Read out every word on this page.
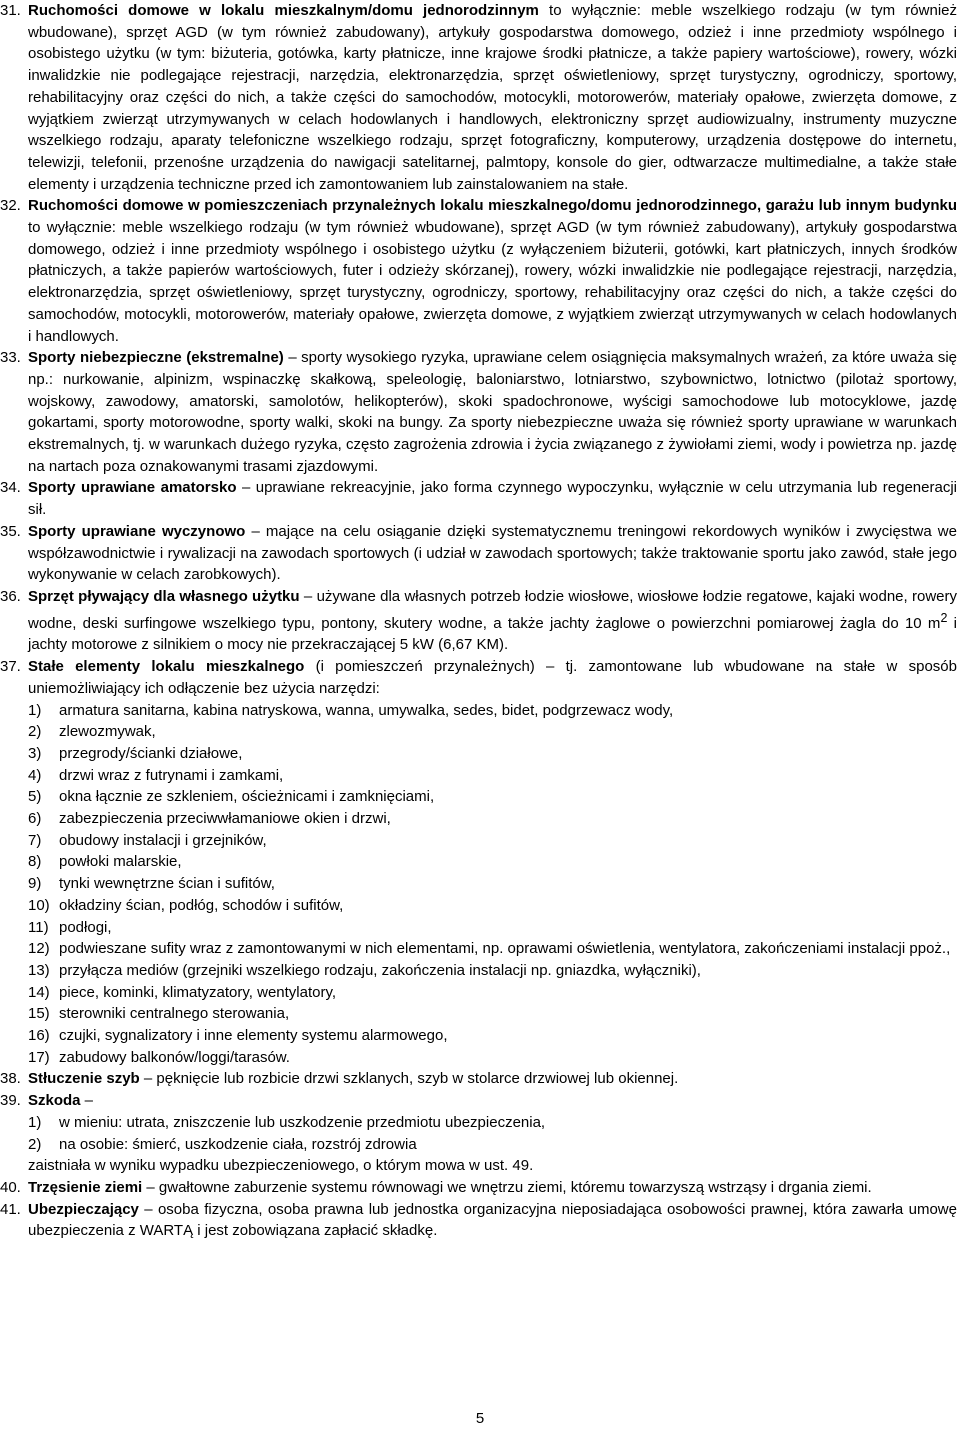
31. Ruchomości domowe w lokalu mieszkalnym/domu jednorodzinnym to wyłącznie: meble wszelkiego rodzaju (w tym również wbudowane), sprzęt AGD (w tym również zabudowany), artykuły gospodarstwa domowego, odzież i inne przedmioty wspólnego i osobistego użytku (w tym: biżuteria, gotówka, karty płatnicze, inne krajowe środki płatnicze, a także papiery wartościowe), rowery, wózki inwalidzkie nie podlegające rejestracji, narzędzia, elektronarzędzia, sprzęt oświetleniowy, sprzęt turystyczny, ogrodniczy, sportowy, rehabilitacyjny oraz części do nich, a także części do samochodów, motocykli, motorowerów, materiały opałowe, zwierzęta domowe, z wyjątkiem zwierząt utrzymywanych w celach hodowlanych i handlowych, elektroniczny sprzęt audiowizualny, instrumenty muzyczne wszelkiego rodzaju, aparaty telefoniczne wszelkiego rodzaju, sprzęt fotograficzny, komputerowy, urządzenia dostępowe do internetu, telewizji, telefonii, przenośne urządzenia do nawigacji satelitarnej, palmtopy, konsole do gier, odtwarzacze multimedialne, a także stałe elementy i urządzenia techniczne przed ich zamontowaniem lub zainstalowaniem na stałe.
32. Ruchomości domowe w pomieszczeniach przynależnych lokalu mieszkalnego/domu jednorodzinnego, garażu lub innym budynku to wyłącznie: meble wszelkiego rodzaju (w tym również wbudowane), sprzęt AGD (w tym również zabudowany), artykuły gospodarstwa domowego, odzież i inne przedmioty wspólnego i osobistego użytku (z wyłączeniem biżuterii, gotówki, kart płatniczych, innych środków płatniczych, a także papierów wartościowych, futer i odzieży skórzanej), rowery, wózki inwalidzkie nie podlegające rejestracji, narzędzia, elektronarzędzia, sprzęt oświetleniowy, sprzęt turystyczny, ogrodniczy, sportowy, rehabilitacyjny oraz części do nich, a także części do samochodów, motocykli, motorowerów, materiały opałowe, zwierzęta domowe, z wyjątkiem zwierząt utrzymywanych w celach hodowlanych i handlowych.
33. Sporty niebezpieczne (ekstremalne) – sporty wysokiego ryzyka, uprawiane celem osiągnięcia maksymalnych wrażeń, za które uważa się np.: nurkowanie, alpinizm, wspinaczkę skałkową, speleologię, baloniarstwo, lotniarstwo, szybownictwo, lotnictwo (pilotaż sportowy, wojskowy, zawodowy, amatorski, samolotów, helikopterów), skoki spadochronowe, wyścigi samochodowe lub motocyklowe, jazdę gokartami, sporty motorowodne, sporty walki, skoki na bungy. Za sporty niebezpieczne uważa się również sporty uprawiane w warunkach ekstremalnych, tj. w warunkach dużego ryzyka, często zagrożenia zdrowia i życia związanego z żywiołami ziemi, wody i powietrza np. jazdę na nartach poza oznakowanymi trasami zjazdowymi.
34. Sporty uprawiane amatorsko – uprawiane rekreacyjnie, jako forma czynnego wypoczynku, wyłącznie w celu utrzymania lub regeneracji sił.
35. Sporty uprawiane wyczynowo – mające na celu osiąganie dzięki systematycznemu treningowi rekordowych wyników i zwycięstwa we współzawodnictwie i rywalizacji na zawodach sportowych (i udział w zawodach sportowych; także traktowanie sportu jako zawód, stałe jego wykonywanie w celach zarobkowych).
36. Sprzęt pływający dla własnego użytku – używane dla własnych potrzeb łodzie wiosłowe, wiosłowe łodzie regatowe, kajaki wodne, rowery wodne, deski surfingowe wszelkiego typu, pontony, skutery wodne, a także jachty żaglowe o powierzchni pomiarowej żagla do 10 $m^2$ i jachty motorowe z silnikiem o mocy nie przekraczającej 5 kW (6,67 KM).
37. Stałe elementy lokalu mieszkalnego (i pomieszczeń przynależnych) – tj. zamontowane lub wbudowane na stałe w sposób uniemożliwiający ich odłączenie bez użycia narzędzi:
1)	armatura sanitarna, kabina natryskowa, wanna, umywalka, sedes, bidet, podgrzewacz wody,
2)	zlewozmywak,
3)	przegrody/ścianki działowe,
4)	drzwi wraz z futrynami i zamkami,
5)	okna łącznie ze szkleniem, ościeżnicami i zamknięciami,
6)	zabezpieczenia przeciwwłamaniowe okien i drzwi,
7)	obudowy instalacji i grzejników,
8)	powłoki malarskie,
9)	tynki wewnętrzne ścian i sufitów,
10) okładziny ścian, podłóg, schodów i sufitów,
11) podłogi,
12) podwieszane sufity wraz z zamontowanymi w nich elementami, np. oprawami oświetlenia, wentylatora, zakończeniami instalacji ppoż.,
13) przyłącza mediów (grzejniki wszelkiego rodzaju, zakończenia instalacji np. gniazdka, wyłączniki),
14) piece, kominki, klimatyzatory, wentylatory,
15) sterowniki centralnego sterowania,
16) czujki, sygnalizatory i inne elementy systemu alarmowego,
17) zabudowy balkonów/loggi/tarasów.
38. Stłuczenie szyb – pęknięcie lub rozbicie drzwi szklanych, szyb w stolarce drzwiowej lub okiennej.
39. Szkoda –
1)	w mieniu: utrata, zniszczenie lub uszkodzenie przedmiotu ubezpieczenia,
2)	na osobie: śmierć, uszkodzenie ciała, rozstrój zdrowia
zaistniała w wyniku wypadku ubezpieczeniowego, o którym mowa w ust. 49.
40. Trzęsienie ziemi – gwałtowne zaburzenie systemu równowagi we wnętrzu ziemi, któremu towarzyszą wstrząsy i drgania ziemi.
41. Ubezpieczający – osoba fizyczna, osoba prawna lub jednostka organizacyjna nieposiadająca osobowości prawnej, która zawarła umowę ubezpieczenia z WARTĄ i jest zobowiązana zapłacić składkę.
5
